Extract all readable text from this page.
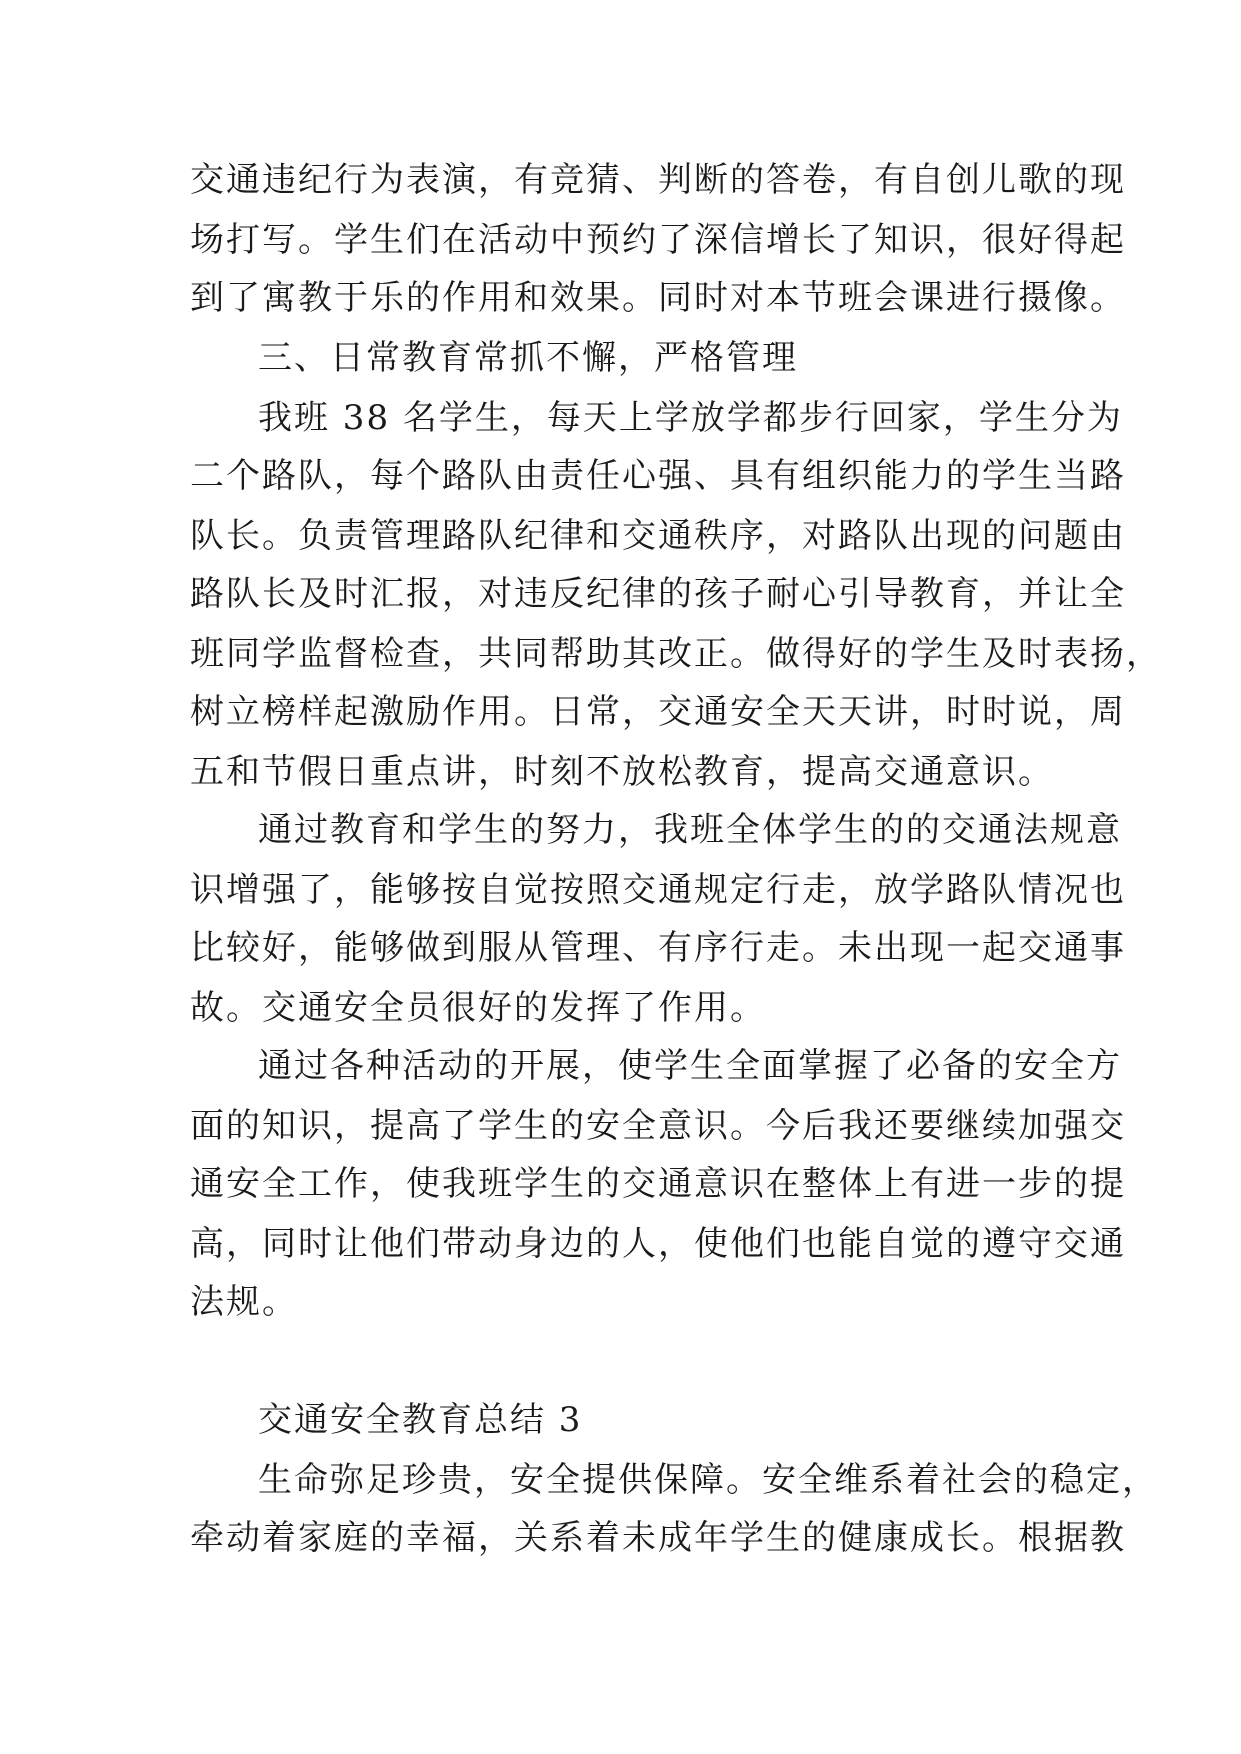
交通违纪行为表演，有竞猜、判断的答卷，有自创儿歌的现
场打写。学生们在活动中预约了深信增长了知识，很好得起
到了寓教于乐的作用和效果。同时对本节班会课进行摄像。
三、日常教育常抓不懈，严格管理
我班 38 名学生，每天上学放学都步行回家，学生分为
二个路队，每个路队由责任心强、具有组织能力的学生当路
队长。负责管理路队纪律和交通秩序，对路队出现的问题由
路队长及时汇报，对违反纪律的孩子耐心引导教育，并让全
班同学监督检查，共同帮助其改正。做得好的学生及时表扬，
树立榜样起激励作用。日常，交通安全天天讲，时时说，周
五和节假日重点讲，时刻不放松教育，提高交通意识。
通过教育和学生的努力，我班全体学生的的交通法规意
识增强了，能够按自觉按照交通规定行走，放学路队情况也
比较好，能够做到服从管理、有序行走。未出现一起交通事
故。交通安全员很好的发挥了作用。
通过各种活动的开展，使学生全面掌握了必备的安全方
面的知识，提高了学生的安全意识。今后我还要继续加强交
通安全工作，使我班学生的交通意识在整体上有进一步的提
高，同时让他们带动身边的人，使他们也能自觉的遵守交通
法规。
交通安全教育总结 3
生命弥足珍贵，安全提供保障。安全维系着社会的稳定，
牵动着家庭的幸福，关系着未成年学生的健康成长。根据教
